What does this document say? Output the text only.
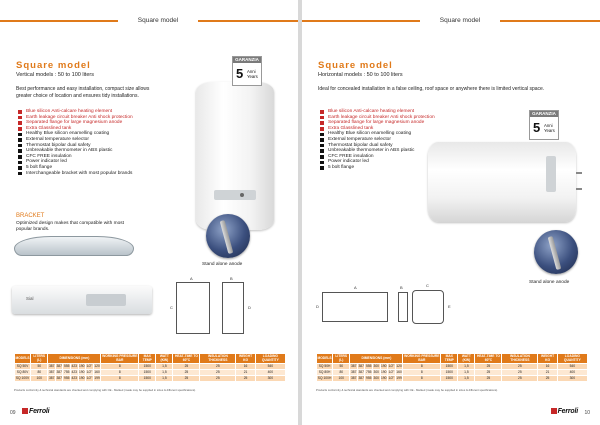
Square model
Square model
Vertical models : 50 to 100 liters
Best performance and easy installation, compact size allows greater choice of location and ensures tidy installations.
Blue silicon Anti-calcare heating element
Earth leakage circuit breaker Anti shock protection
Separated flange for large magnesium anode
Extra Glasslined tank
Healthy Blue silicon enamelling coating
External temperature selector
Thermostat bipolar dual safety
Unbreakable thermometer in ABS plastic
CFC FREE insulation
Power indicator led
5 bolt flange
Interchangeable bracket with most popular brands
GARANZIA
5 Anni
Years
BRACKET
Optimized design makes that compatible with most popular brands.
Stand alone anode
Sial
A	B
C	D
MODELS	LITERS (L)	DIMENSIONS (mm)							WORKING PRESSURE BAR	MAX TEMP	WATT (KW)	HEAT-TIME TO 60°C	INSULATION THICKNESS	WEIGHT KG	LOADING QUANTITY
SQ 50V	50	387	387	555	423	190	1/2"	120	8	1500	1,5	25	25	16	540
SQ 80V	80	387	387	755	423	190	1/2"	160	8	1500	1,5	25	25	21	400
SQ 100V	100	387	387	955	423	190	1/2"	199	8	1500	1,5	25	25	25	300
Products conformity & technical standards are checked and complying with CE - Marked (made may be supplied in sizes & different specifications).
09	Ferroli
Square model
Square model
Horizontal models : 50 to 100 liters
Ideal for concealed installation in a false ceiling, roof space or anywhere there is limited vertical space.
Blue silicon Anti-calcare heating element
Earth leakage circuit breaker Anti shock protection
Separated flange for large magnesium anode
Extra Glasslined tank
Healthy Blue silicon enamelling coating
External temperature selector
Thermostat bipolar dual safety
Unbreakable thermometer in ABS plastic
CFC FREE insulation
Power indicator led
5 bolt flange
GARANZIA
5 Anni
Years
Stand alone anode
A	B	C
D	E
MODELS	LITERS (L)	DIMENSIONS (mm)							WORKING PRESSURE BAR	MAX TEMP	WATT (KW)	HEAT-TIME TO 60°C	INSULATION THICKNESS	WEIGHT KG	LOADING QUANTITY
SQ 50H	50	387	387	555	300	190	1/2"	120	8	1500	1,5	25	25	16	540
SQ 80H	80	387	387	755	300	190	1/2"	160	8	1500	1,5	25	25	21	400
SQ 100H	100	387	387	955	300	190	1/2"	199	8	1500	1,5	25	25	25	300
Products conformity & technical standards are checked and complying with CE - Marked (made may be supplied in sizes & different specifications).
10
Ferroli
